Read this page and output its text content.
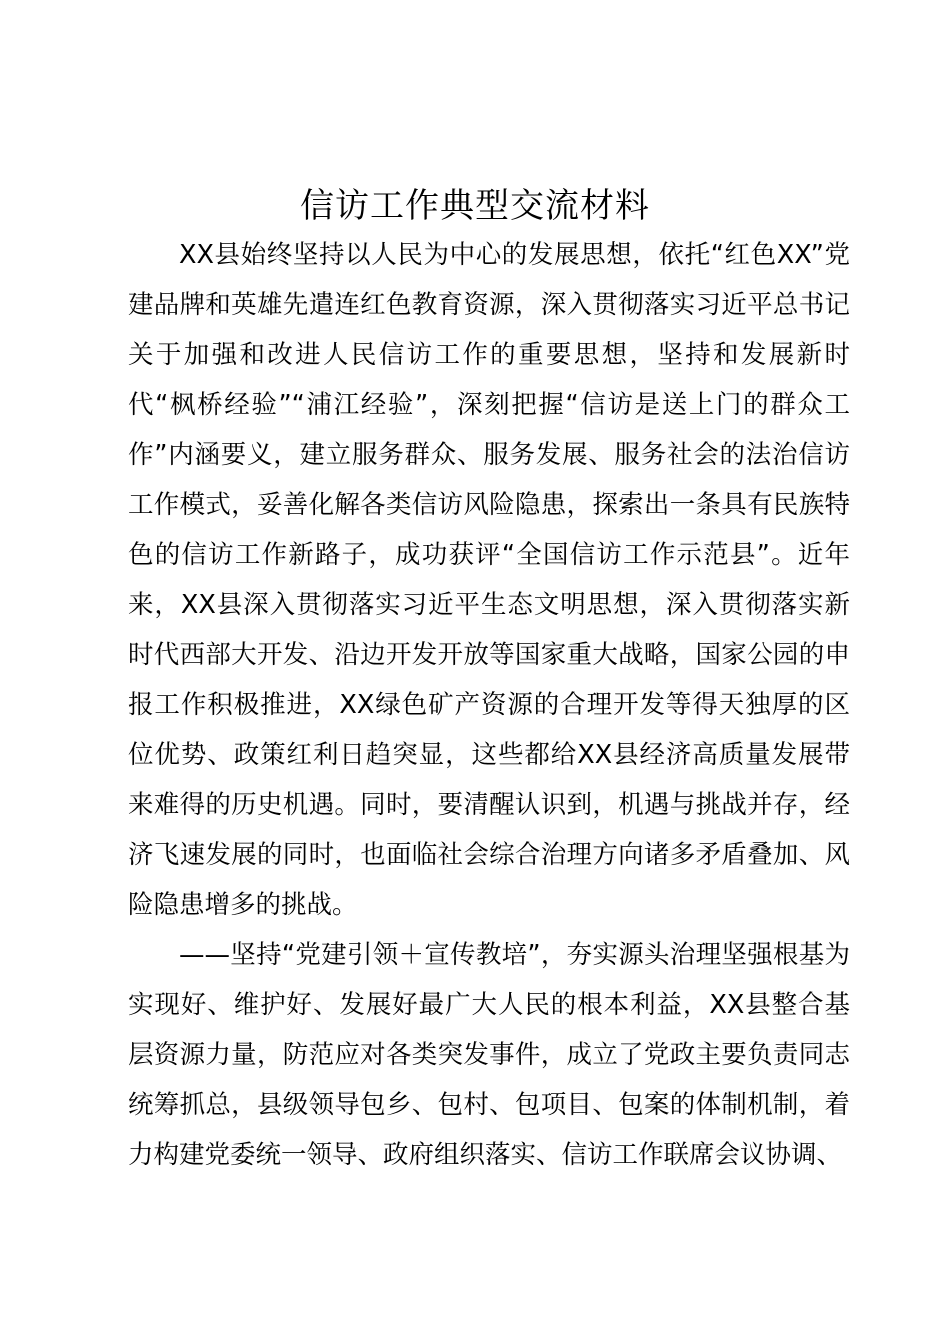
信访工作典型交流材料

XX县始终坚持以人民为中心的发展思想，依托“红色XX”党建品牌和英雄先遣连红色教育资源，深入贯彻落实习近平总书记关于加强和改进人民信访工作的重要思想，坚持和发展新时代“枫桥经验”“浦江经验”，深刻把握“信访是送上门的群众工作”内涵要义，建立服务群众、服务发展、服务社会的法治信访工作模式，妥善化解各类信访风险隐患，探索出一条具有民族特色的信访工作新路子，成功获评“全国信访工作示范县”。近年来，XX县深入贯彻落实习近平生态文明思想，深入贯彻落实新时代西部大开发、沿边开发开放等国家重大战略，国家公园的申报工作积极推进，XX绿色矿产资源的合理开发等得天独厚的区位优势、政策红利日趋突显，这些都给XX县经济高质量发展带来难得的历史机遇。同时，要清醒认识到，机遇与挑战并存，经济飞速发展的同时，也面临社会综合治理方向诸多矛盾叠加、风险隐患增多的挑战。

——坚持“党建引领＋宣传教培”，夯实源头治理坚强根基为实现好、维护好、发展好最广大人民的根本利益，XX县整合基层资源力量，防范应对各类突发事件，成立了党政主要负责同志统筹抓总，县级领导包乡、包村、包项目、包案的体制机制，着力构建党委统一领导、政府组织落实、信访工作联席会议协调、
